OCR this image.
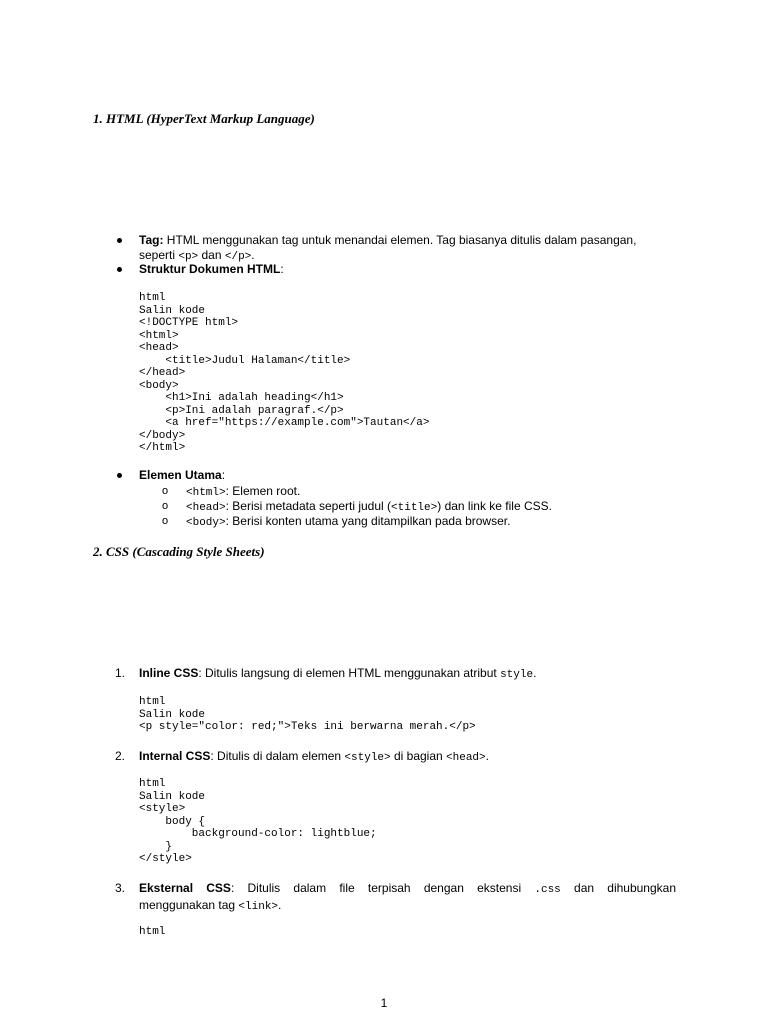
1. HTML (HyperText Markup Language)
Tag: HTML menggunakan tag untuk menandai elemen. Tag biasanya ditulis dalam pasangan,
seperti <p> dan </p>.
Struktur Dokumen HTML:
html
Salin kode
<!DOCTYPE html>
<html>
<head>
<title>Judul Halaman</title>
</head>
<body>
<h1>Ini adalah heading</h1>
<p>Ini adalah paragraf.</p>
<a href="https://example.com">Tautan</a>
</body>
</html>
Elemen Utama:
o <html>: Elemen root.
o <head>: Berisi metadata seperti judul (<title>) dan link ke file CSS.
o <body>: Berisi konten utama yang ditampilkan pada browser.
2. CSS (Cascading Style Sheets)
1. Inline CSS: Ditulis langsung di elemen HTML menggunakan atribut style.
html
Salin kode
<p style="color: red;">Teks ini berwarna merah.</p>
2. Internal CSS: Ditulis di dalam elemen <style> di bagian <head>.
html
Salin kode
<style>
body {
background-color: lightblue;
}
</style>
3. Eksternal CSS: Ditulis dalam file terpisah dengan ekstensi .css dan dihubungkan
menggunakan tag <link>.
html
1
